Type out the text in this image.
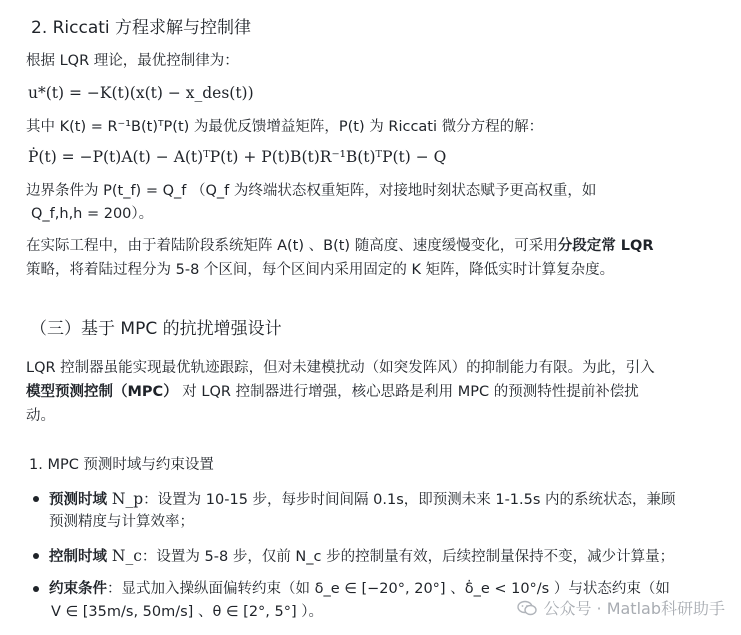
2. Riccati 方程求解与控制律
根据 LQR 理论，最优控制律为：
u*(t) = −K(t)(x(t) − x_des(t))
其中 K(t) = R⁻¹B(t)ᵀP(t) 为最优反馈增益矩阵，P(t) 为 Riccati 微分方程的解：
Ṗ(t) = −P(t)A(t) − A(t)ᵀP(t) + P(t)B(t)R⁻¹B(t)ᵀP(t) − Q
边界条件为 P(t_f) = Q_f （Q_f 为终端状态权重矩阵，对接地时刻状态赋予更高权重，如
Q_f,h,h = 200）。
在实际工程中，由于着陆阶段系统矩阵 A(t) 、B(t) 随高度、速度缓慢变化，可采用分段定常 LQR
策略，将着陆过程分为 5-8 个区间，每个区间内采用固定的 K 矩阵，降低实时计算复杂度。
（三）基于 MPC 的抗扰增强设计
LQR 控制器虽能实现最优轨迹跟踪，但对未建模扰动（如突发阵风）的抑制能力有限。为此，引入
模型预测控制（MPC） 对 LQR 控制器进行增强，核心思路是利用 MPC 的预测特性提前补偿扰
动。
1. MPC 预测时域与约束设置
预测时域 N_p：设置为 10-15 步，每步时间间隔 0.1s，即预测未来 1-1.5s 内的系统状态，兼顾
预测精度与计算效率；
控制时域 N_c：设置为 5-8 步，仅前 N_c 步的控制量有效，后续控制量保持不变，减少计算量；
约束条件：显式加入操纵面偏转约束（如 δ_e ∈ [−20°, 20°] 、δ̇_e < 10°/s ）与状态约束（如
V ∈ [35m/s, 50m/s] 、θ ∈ [2°, 5°] ）。	公众号 · Matlab科研助手
